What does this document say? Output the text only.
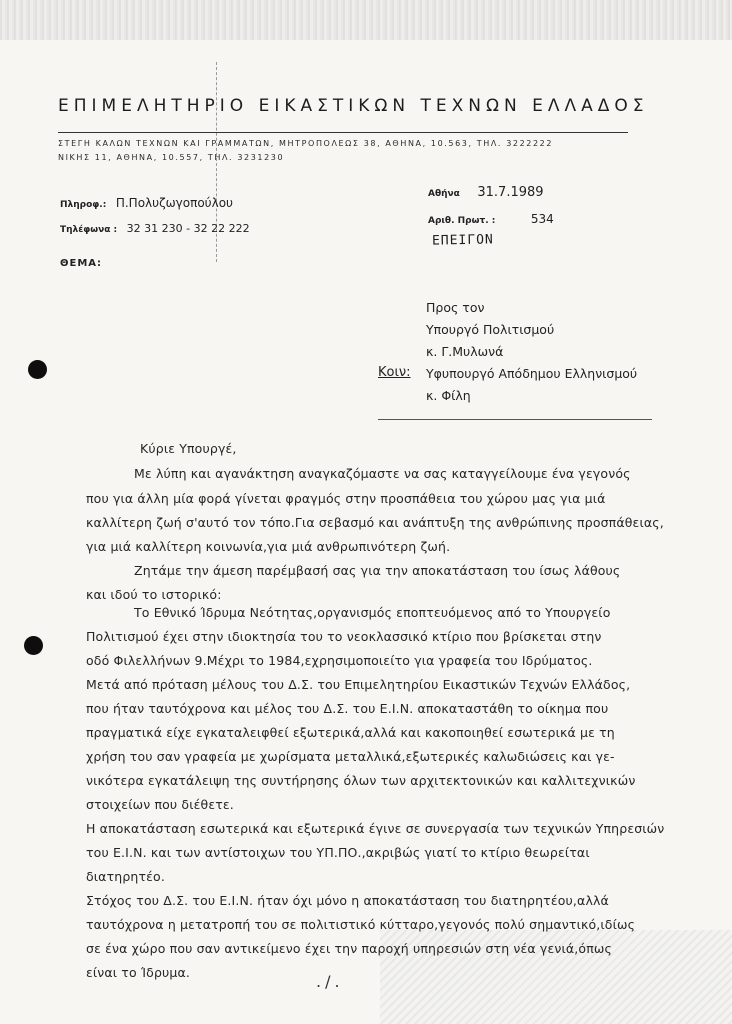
ΕΠΙΜΕΛΗΤΗΡΙΟ ΕΙΚΑΣΤΙΚΩΝ ΤΕΧΝΩΝ ΕΛΛΑΔΟΣ
ΣΤΕΓΗ ΚΑΛΩΝ ΤΕΧΝΩΝ ΚΑΙ ΓΡΑΜΜΑΤΩΝ, ΜΗΤΡΟΠΟΛΕΩΣ 38, ΑΘΗΝΑ, 10.563, ΤΗΛ. 3222222
ΝΙΚΗΣ 11, ΑΘΗΝΑ, 10.557, ΤΗΛ. 3231230
Πληροφ.: Π.Πολυζωγοπούλου
Τηλέφωνα : 32 31 230 - 32 22 222
ΘΕΜΑ:
Αθήνα 31.7.1989
Αριθ. Πρωτ. :	534
ΕΠΕΙΓΟΝ
Προς τον
Υπουργό Πολιτισμού
κ. Γ.Μυλωνά
Κοιν: Υφυπουργό Απόδημου Ελληνισμού
κ. Φίλη
Κύριε Υπουργέ,
Με λύπη και αγανάκτηση αναγκαζόμαστε να σας καταγγείλουμε ένα γεγονός
που για άλλη μία φορά γίνεται φραγμός στην προσπάθεια του χώρου μας για μιά
καλλίτερη ζωή σ'αυτό τον τόπο.Για σεβασμό και ανάπτυξη της ανθρώπινης προσπάθειας,
για μιά καλλίτερη κοινωνία,για μιά ανθρωπινότερη ζωή.
Ζητάμε την άμεση παρέμβασή σας για την αποκατάσταση του ίσως λάθους
και ιδού το ιστορικό:
Το Εθνικό Ίδρυμα Νεότητας,οργανισμός εποπτευόμενος από το Υπουργείο
Πολιτισμού έχει στην ιδιοκτησία του το νεοκλασσικό κτίριο που βρίσκεται στην
οδό Φιλελλήνων 9.Μέχρι το 1984,εχρησιμοποιείτο για γραφεία του Ιδρύματος.
Μετά από πρόταση μέλους του Δ.Σ. του Επιμελητηρίου Εικαστικών Τεχνών Ελλάδος,
που ήταν ταυτόχρονα και μέλος του Δ.Σ. του Ε.Ι.Ν. αποκαταστάθη το οίκημα που
πραγματικά είχε εγκαταλειφθεί εξωτερικά,αλλά και κακοποιηθεί εσωτερικά με τη
χρήση του σαν γραφεία με χωρίσματα μεταλλικά,εξωτερικές καλωδιώσεις και γε-
νικότερα εγκατάλειψη της συντήρησης όλων των αρχιτεκτονικών και καλλιτεχνικών
στοιχείων που διέθετε.
Η αποκατάσταση εσωτερικά και εξωτερικά έγινε σε συνεργασία των τεχνικών Υπηρεσιών
του Ε.Ι.Ν. και των αντίστοιχων του ΥΠ.ΠΟ.,ακριβώς γιατί το κτίριο θεωρείται
διατηρητέο.
Στόχος του Δ.Σ. του Ε.Ι.Ν. ήταν όχι μόνο η αποκατάσταση του διατηρητέου,αλλά
ταυτόχρονα η μετατροπή του σε πολιτιστικό κύτταρο,γεγονός πολύ σημαντικό,ιδίως
σε ένα χώρο που σαν αντικείμενο έχει την παροχή υπηρεσιών στη νέα γενιά,όπως
είναι το Ίδρυμα.	./.
